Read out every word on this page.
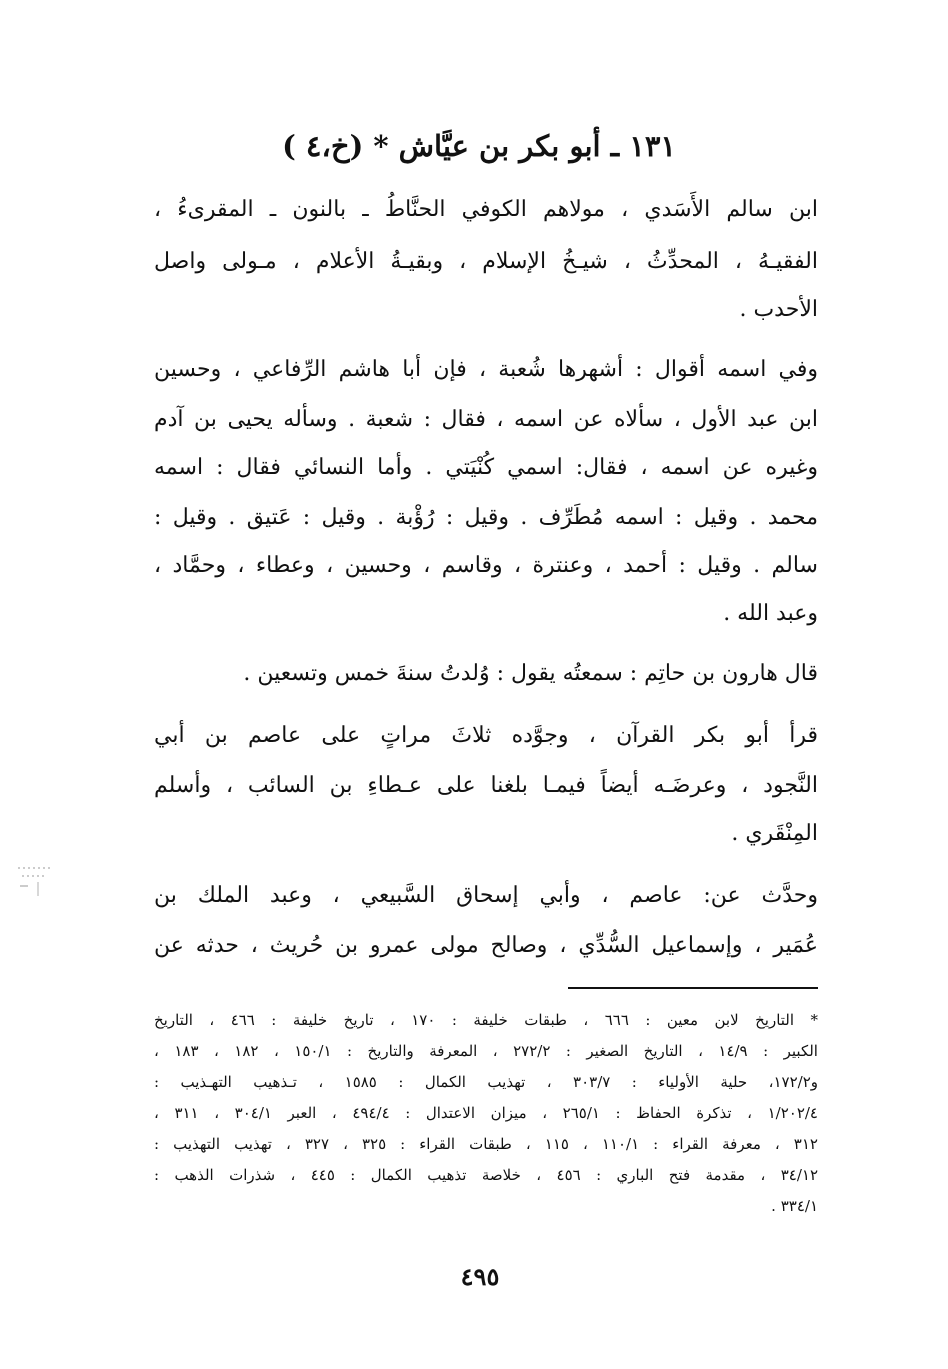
١٣١ ـ أبو بكر بن عيَّاش * (خ،٤ )
ابن سالم الأَسَدي ، مولاهم الكوفي الحنَّاطُ ـ بالنون ـ المقرىءُ ،
الفقيـهُ ، المحدِّثُ ، شيـخُ الإسلام ، وبقيـةُ الأعلام ، مـولى واصل
الأحدب .
وفي اسمه أقوال : أشهرها شُعبة ، فإن أبا هاشم الرِّفاعي ، وحسين
ابن عبد الأول ، سألاه عن اسمه ، فقال : شعبة . وسأله يحيى بن آدم
وغيره عن اسمه ، فقال: اسمي كُنْيَتي . وأما النسائي فقال : اسمه
محمد . وقيل : اسمه مُطَرِّف . وقيل : رُؤْبة . وقيل : عَتيق . وقيل :
سالم . وقيل : أحمد ، وعنترة ، وقاسم ، وحسين ، وعطاء ، وحمَّاد ،
وعبد الله .
قال هارون بن حاتِم : سمعتُه يقول : وُلدتُ سنةَ خمس وتسعين .
قرأ أبو بكر القرآن ، وجوَّده ثلاثَ مراتٍ على عاصم بن أبي
النَّجود ، وعرضَـه أيضاً فيمـا بلغنا على عـطاءِ بن السائب ، وأسلم
المِنْقَري .
وحدَّث عن: عاصم ، وأبي إسحاق السَّبيعي ، وعبد الملك بن
عُمَير ، وإسماعيل السُّدِّي ، وصالح مولى عمرو بن حُريث ، حدثه عن
* التاريخ لابن معين : ٦٦٦ ، طبقات خليفة : ١٧٠ ، تاريخ خليفة : ٤٦٦ ، التاريخ
الكبير : ١٤/٩ ، التاريخ الصغير : ٢٧٢/٢ ، المعرفة والتاريخ : ١٥٠/١ ، ١٨٢ ، ١٨٣ ،
و١٧٢/٢، حلية الأولياء : ٣٠٣/٧ ، تهذيب الكمال : ١٥٨٥ ، تـذهيب التهـذيب :
١/٢٠٢/٤ ، تذكرة الحفاظ : ٢٦٥/١ ، ميزان الاعتدال : ٤٩٤/٤ ، العبر ٣٠٤/١ ، ٣١١ ،
٣١٢ ، معرفة القراء : ١١٠/١ ، ١١٥ ، طبقات القراء : ٣٢٥ ، ٣٢٧ ، تهذيب التهذيب :
٣٤/١٢ ، مقدمة فتح الباري : ٤٥٦ ، خلاصة تذهيب الكمال : ٤٤٥ ، شذرات الذهب :
٣٣٤/١ .
٤٩٥
